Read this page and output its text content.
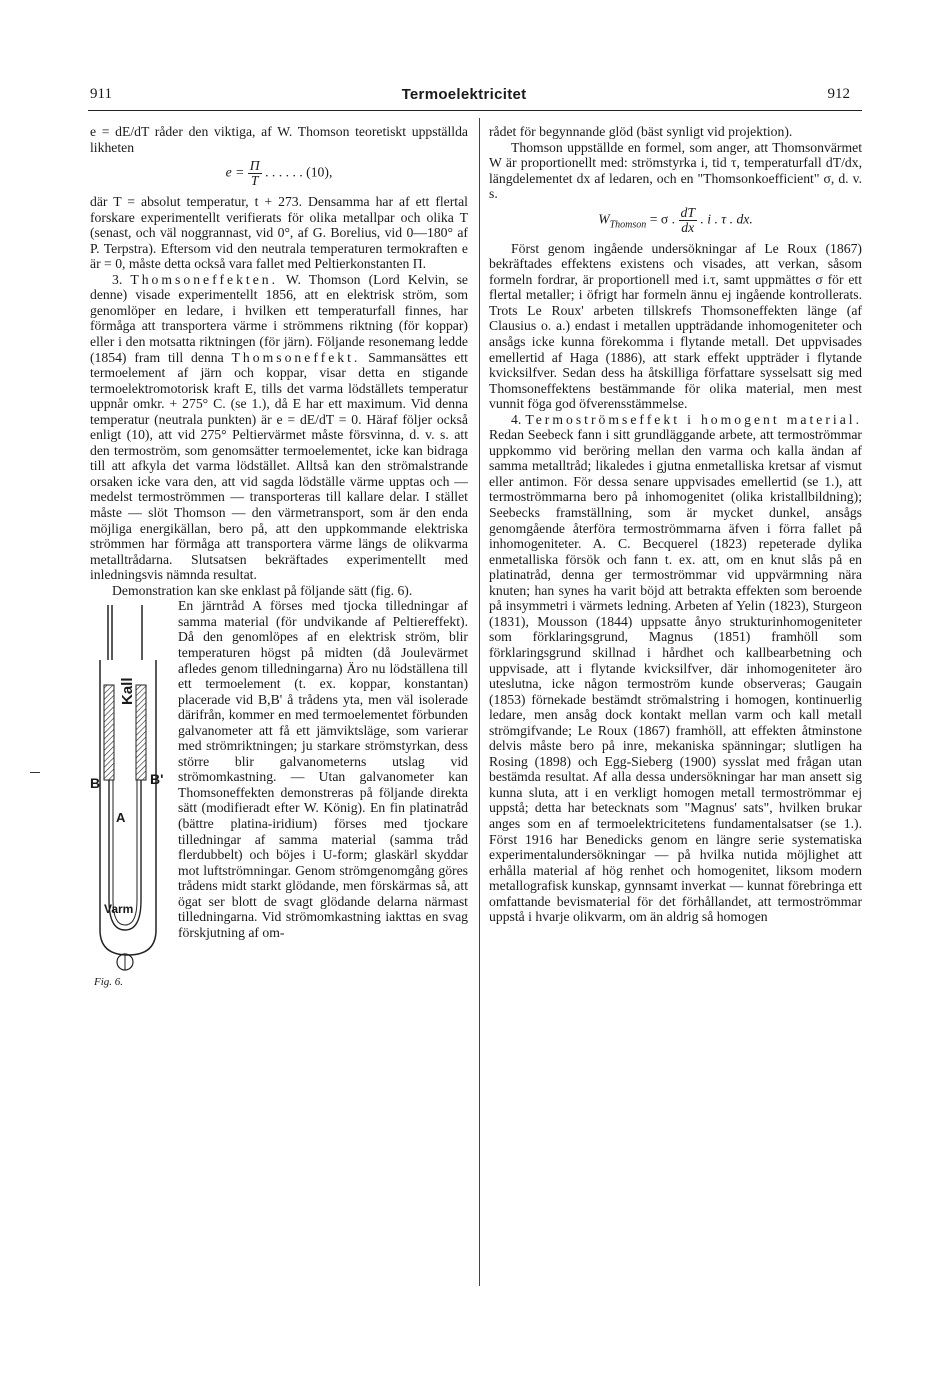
911	Termoelektricitet	912

e = dE/dT råder den viktiga, af W. Thomson teoretiskt uppställda likheten

$e = \frac{\Pi}{T}$ . . . . . . (10),

där T = absolut temperatur, t + 273. Densamma har af ett flertal forskare experimentellt verifierats för olika metallpar och olika T (senast, och väl noggrannast, vid 0°, af G. Borelius, vid 0—180° af P. Terpstra). Eftersom vid den neutrala temperaturen termokraften e är = 0, måste detta också vara fallet med Peltierkonstanten Π.

3. Thomsoneffekten. W. Thomson (Lord Kelvin, se denne) visade experimentellt 1856, att en elektrisk ström, som genomlöper en ledare, i hvilken ett temperaturfall finnes, har förmåga att transportera värme i strömmens riktning (för koppar) eller i den motsatta riktningen (för järn). Följande resonemang ledde (1854) fram till denna Thomsoneffekt. Sammansättes ett termoelement af järn och koppar, visar detta en stigande termoelektromotorisk kraft E, tills det varma lödställets temperatur uppnår omkr. + 275° C. (se 1.), då E har ett maximum. Vid denna temperatur (neutrala punkten) är e = dE/dT = 0. Häraf följer också enligt (10), att vid 275° Peltiervärmet måste försvinna, d. v. s. att den termoström, som genomsätter termoelementet, icke kan bidraga till att afkyla det varma lödstället. Alltså kan den strömalstrande orsaken icke vara den, att vid sagda lödställe värme upptas och — medelst termoströmmen — transporteras till kallare delar. I stället måste — slöt Thomson — den värmetransport, som är den enda möjliga energikällan, bero på, att den uppkommande elektriska strömmen har förmåga att transportera värme längs de olikvarma metalltrådarna. Slutsatsen bekräftades experimentellt med inledningsvis nämnda resultat.

Demonstration kan ske enklast på följande sätt (fig. 6).

Kall
B	B'
A
Varm
Fig. 6.

En järntråd A förses med tjocka tilledningar af samma material (för undvikande af Peltiereffekt). Då den genomlöpes af en elektrisk ström, blir temperaturen högst på midten (då Joulevärmet afledes genom tilledningarna) Äro nu lödställena till ett termoelement (t. ex. koppar, konstantan) placerade vid B,B' å trådens yta, men väl isolerade därifrån, kommer en med termoelementet förbunden galvanometer att få ett jämviktsläge, som varierar med strömriktningen; ju starkare strömstyrkan, dess större blir galvanometerns utslag vid strömomkastning. — Utan galvanometer kan Thomsoneffekten demonstreras på följande direkta sätt (modifieradt efter W. König). En fin platinatråd (bättre platina-iridium) förses med tjockare tilledningar af samma material (samma tråd flerdubbelt) och böjes i U-form; glaskärl skyddar mot luftströmningar. Genom strömgenomgång göres trådens midt starkt glödande, men förskärmas så, att ögat ser blott de svagt glödande delarna närmast tilledningarna. Vid strömomkastning iakttas en svag förskjutning af om-

rådet för begynnande glöd (bäst synligt vid projektion).

Thomson uppställde en formel, som anger, att Thomsonvärmet W är proportionellt med: strömstyrka i, tid τ, temperaturfall dT/dx, längdelementet dx af ledaren, och en "Thomsonkoefficient" σ, d. v. s.

$W_{Thomson} = \sigma$ . $\frac{dT}{dx}$ . i . τ . dx.

Först genom ingående undersökningar af Le Roux (1867) bekräftades effektens existens och visades, att verkan, såsom formeln fordrar, är proportionell med i.τ, samt uppmättes σ för ett flertal metaller; i öfrigt har formeln ännu ej ingående kontrollerats. Trots Le Roux' arbeten tillskrefs Thomsoneffekten länge (af Clausius o. a.) endast i metallen uppträdande inhomogeniteter och ansågs icke kunna förekomma i flytande metall. Det uppvisades emellertid af Haga (1886), att stark effekt uppträder i flytande kvicksilfver. Sedan dess ha åtskilliga författare sysselsatt sig med Thomsoneffektens bestämmande för olika material, men mest vunnit föga god öfverensstämmelse.

4. Termoströmseffekt i homogent material. Redan Seebeck fann i sitt grundläggande arbete, att termoströmmar uppkommo vid beröring mellan den varma och kalla ändan af samma metalltråd; likaledes i gjutna enmetalliska kretsar af vismut eller antimon. För dessa senare uppvisades emellertid (se 1.), att termoströmmarna bero på inhomogenitet (olika kristallbildning); Seebecks framställning, som är mycket dunkel, ansågs genomgående återföra termoströmmarna äfven i förra fallet på inhomogeniteter. A. C. Becquerel (1823) repeterade dylika enmetalliska försök och fann t. ex. att, om en knut slås på en platinatråd, denna ger termoströmmar vid uppvärmning nära knuten; han synes ha varit böjd att betrakta effekten som beroende på insymmetri i värmets ledning. Arbeten af Yelin (1823), Sturgeon (1831), Mousson (1844) uppsatte ånyo strukturinhomogeniteter som förklaringsgrund, Magnus (1851) framhöll som förklaringsgrund skillnad i hårdhet och kallbearbetning och uppvisade, att i flytande kvicksilfver, där inhomogeniteter äro uteslutna, icke någon termoström kunde observeras; Gaugain (1853) förnekade bestämdt strömalstring i homogen, kontinuerlig ledare, men ansåg dock kontakt mellan varm och kall metall strömgifvande; Le Roux (1867) framhöll, att effekten åtminstone delvis måste bero på inre, mekaniska spänningar; slutligen ha Rosing (1898) och Egg-Sieberg (1900) sysslat med frågan utan bestämda resultat. Af alla dessa undersökningar har man ansett sig kunna sluta, att i en verkligt homogen metall termoströmmar ej uppstå; detta har betecknats som "Magnus' sats", hvilken brukar anges som en af termoelektricitetens fundamentalsatser (se 1.). Först 1916 har Benedicks genom en längre serie systematiska experimentalundersökningar — på hvilka nutida möjlighet att erhålla material af hög renhet och homogenitet, liksom modern metallografisk kunskap, gynnsamt inverkat — kunnat förebringa ett omfattande bevismaterial för det förhållandet, att termoströmmar uppstå i hvarje olikvarm, om än aldrig så homogen
